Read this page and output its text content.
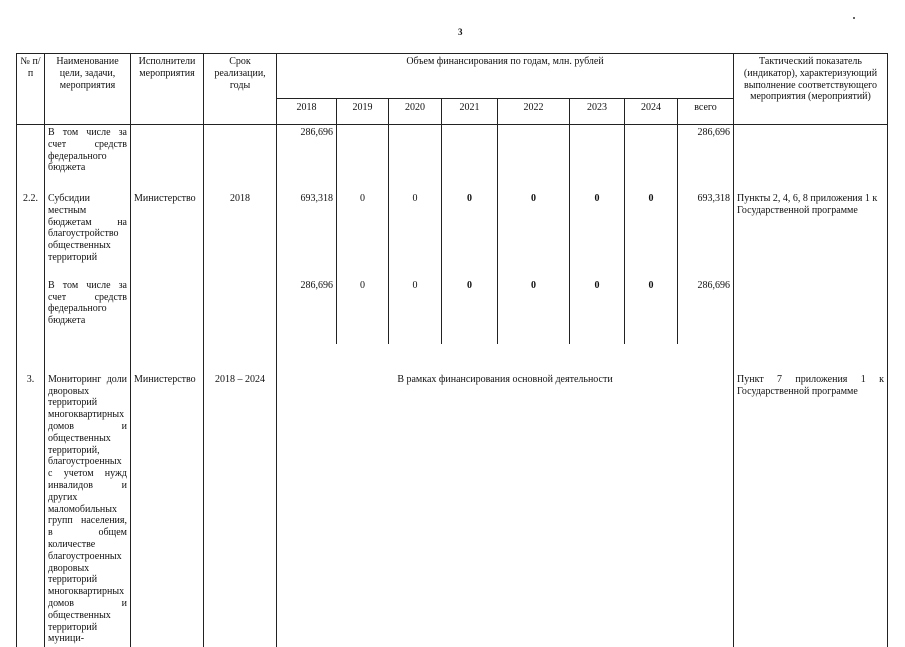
3
№ п/п	Наименование цели, задачи, мероприятия	Исполнители мероприятия	Срок реализации, годы	Объем финансирования по годам, млн. рублей								Тактический показатель (индикатор), характеризующий выполнение соответствующего мероприятия (мероприятий)
				2018	2019	2020	2021	2022	2023	2024	всего	
	В том числе за счет средств федерального бюджета			286,696							286,696	
2.2.	Субсидии местным бюджетам на благоустройство общественных территорий	Министерство	2018	693,318	0	0	0	0	0	0	693,318	Пункты 2, 4, 6, 8 приложения 1 к Государственной программе
	В том числе за счет средств федерального бюджета			286,696	0	0	0	0	0	0	286,696	
3.	Мониторинг доли дворовых территорий многоквартирных домов и общественных территорий, благоустроенных с учетом нужд инвалидов и других маломобильных групп населения, в общем количестве благоустроенных дворовых территорий многоквартирных домов и общественных территорий муници-	Министерство	2018 – 2024	В рамках финансирования основной деятельности								Пункт 7 приложения 1 к Государственной программе
